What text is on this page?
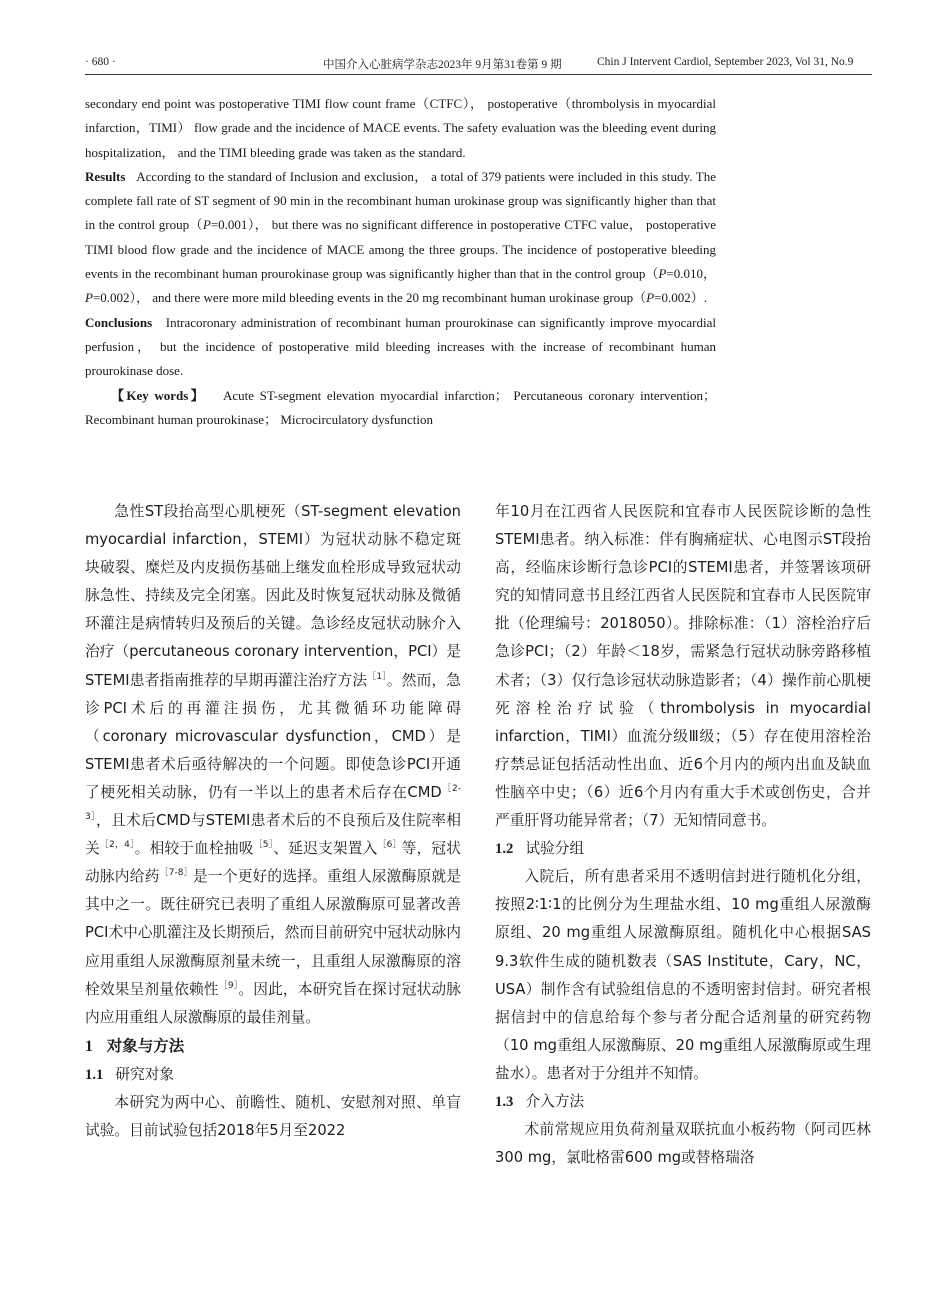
· 680 ·	中国介入心脏病学杂志2023年 9月第31卷第 9 期	Chin J Intervent Cardiol, September 2023, Vol 31, No.9

secondary end point was postoperative TIMI flow count frame（CTFC）， postoperative（thrombolysis in myocardial infarction，TIMI） flow grade and the incidence of MACE events. The safety evaluation was the bleeding event during hospitalization， and the TIMI bleeding grade was taken as the standard.

Results According to the standard of Inclusion and exclusion， a total of 379 patients were included in this study. The complete fall rate of ST segment of 90 min in the recombinant human urokinase group was significantly higher than that in the control group（P=0.001）， but there was no significant difference in postoperative CTFC value， postoperative TIMI blood flow grade and the incidence of MACE among the three groups. The incidence of postoperative bleeding events in the recombinant human prourokinase group was significantly higher than that in the control group（P=0.010，P=0.002）， and there were more mild bleeding events in the 20 mg recombinant human urokinase group（P=0.002）.

Conclusions Intracoronary administration of recombinant human prourokinase can significantly improve myocardial perfusion， but the incidence of postoperative mild bleeding increases with the increase of recombinant human prourokinase dose.

【Key words】 Acute ST-segment elevation myocardial infarction； Percutaneous coronary intervention； Recombinant human prourokinase； Microcirculatory dysfunction

急性ST段抬高型心肌梗死（ST-segment elevation myocardial infarction，STEMI）为冠状动脉不稳定斑块破裂、糜烂及内皮损伤基础上继发血栓形成导致冠状动脉急性、持续及完全闭塞。因此及时恢复冠状动脉及微循环灌注是病情转归及预后的关键。急诊经皮冠状动脉介入治疗（percutaneous coronary intervention，PCI）是STEMI患者指南推荐的早期再灌注治疗方法$^{[1]}$。然而，急诊PCI术后的再灌注损伤，尤其微循环功能障碍（coronary microvascular dysfunction，CMD）是STEMI患者术后亟待解决的一个问题。即使急诊PCI开通了梗死相关动脉，仍有一半以上的患者术后存在$CMD^{[2-3]}$，且术后CMD与STEMI患者术后的不良预后及住院率相关$^{[2,4]}$。相较于血栓抽吸$^{[5]}$、延迟支架置入$^{[6]}$等，冠状动脉内给药$^{[7-8]}$是一个更好的选择。重组人尿激酶原就是其中之一。既往研究已表明了重组人尿激酶原可显著改善PCI术中心肌灌注及长期预后，然而目前研究中冠状动脉内应用重组人尿激酶原剂量未统一，且重组人尿激酶原的溶栓效果呈剂量依赖性$^{[9]}$。因此，本研究旨在探讨冠状动脉内应用重组人尿激酶原的最佳剂量。

1 对象与方法

1.1 研究对象

本研究为两中心、前瞻性、随机、安慰剂对照、单盲试验。目前试验包括2018年5月至2022

年10月在江西省人民医院和宜春市人民医院诊断的急性STEMI患者。纳入标准：伴有胸痛症状、心电图示ST段抬高，经临床诊断行急诊PCI的STEMI患者，并签署该项研究的知情同意书且经江西省人民医院和宜春市人民医院审批（伦理编号：2018050）。排除标准：（1）溶栓治疗后急诊PCI；（2）年龄＜18岁，需紧急行冠状动脉旁路移植术者；（3）仅行急诊冠状动脉造影者；（4）操作前心肌梗死溶栓治疗试验（thrombolysis in myocardial infarction，TIMI）血流分级Ⅲ级；（5）存在使用溶栓治疗禁忌证包括活动性出血、近6个月内的颅内出血及缺血性脑卒中史；（6）近6个月内有重大手术或创伤史，合并严重肝肾功能异常者；（7）无知情同意书。

1.2 试验分组

入院后，所有患者采用不透明信封进行随机化分组，按照2∶1∶1的比例分为生理盐水组、10 mg重组人尿激酶原组、20 mg重组人尿激酶原组。随机化中心根据SAS 9.3软件生成的随机数表（SAS Institute，Cary，NC，USA）制作含有试验组信息的不透明密封信封。研究者根据信封中的信息给每个参与者分配合适剂量的研究药物（10 mg重组人尿激酶原、20 mg重组人尿激酶原或生理盐水）。患者对于分组并不知情。

1.3 介入方法

术前常规应用负荷剂量双联抗血小板药物（阿司匹林300 mg，氯吡格雷600 mg或替格瑞洛
